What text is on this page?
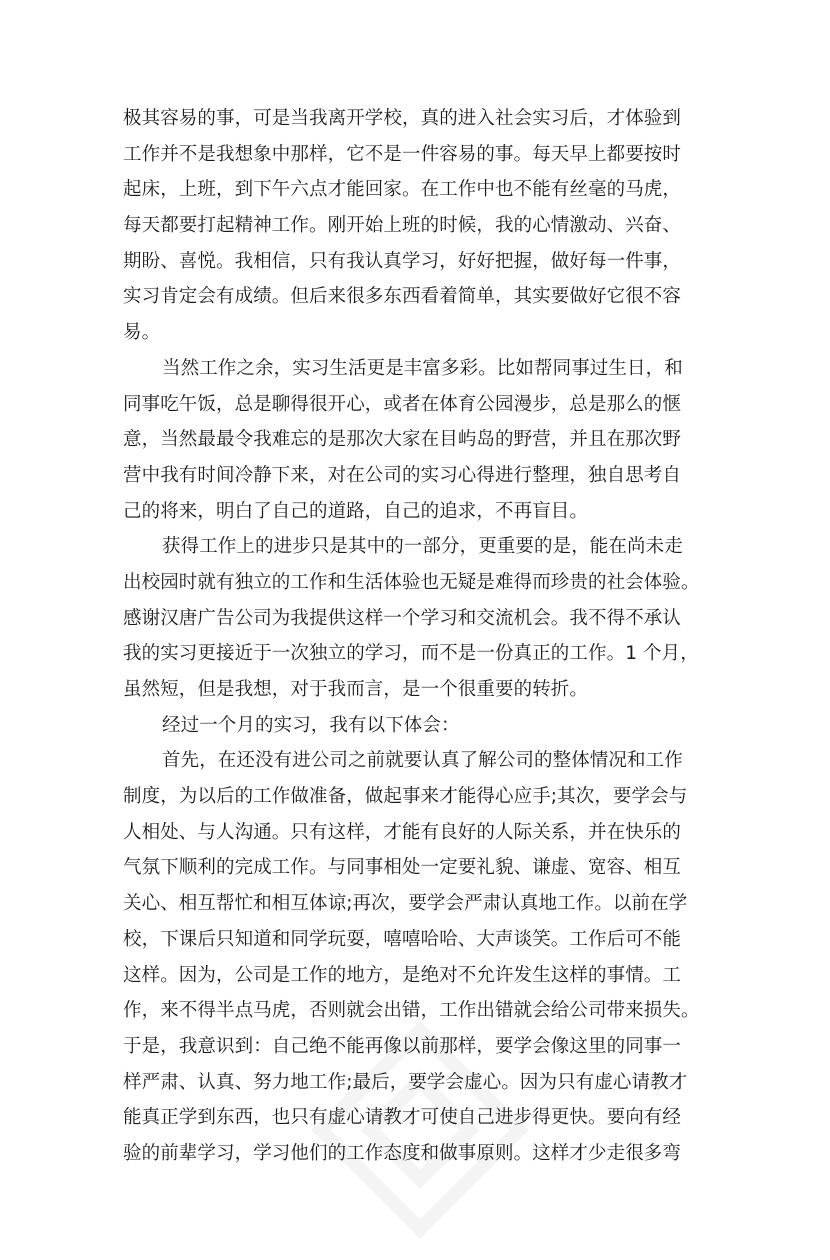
极其容易的事，可是当我离开学校，真的进入社会实习后，才体验到
工作并不是我想象中那样，它不是一件容易的事。每天早上都要按时
起床，上班，到下午六点才能回家。在工作中也不能有丝毫的马虎，
每天都要打起精神工作。刚开始上班的时候，我的心情激动、兴奋、
期盼、喜悦。我相信，只有我认真学习，好好把握，做好每一件事，
实习肯定会有成绩。但后来很多东西看着简单，其实要做好它很不容
易。
当然工作之余，实习生活更是丰富多彩。比如帮同事过生日，和
同事吃午饭，总是聊得很开心，或者在体育公园漫步，总是那么的惬
意，当然最最令我难忘的是那次大家在目屿岛的野营，并且在那次野
营中我有时间冷静下来，对在公司的实习心得进行整理，独自思考自
己的将来，明白了自己的道路，自己的追求，不再盲目。
获得工作上的进步只是其中的一部分，更重要的是，能在尚未走
出校园时就有独立的工作和生活体验也无疑是难得而珍贵的社会体验。
感谢汉唐广告公司为我提供这样一个学习和交流机会。我不得不承认
我的实习更接近于一次独立的学习，而不是一份真正的工作。1 个月，
虽然短，但是我想，对于我而言，是一个很重要的转折。
经过一个月的实习，我有以下体会：
首先，在还没有进公司之前就要认真了解公司的整体情况和工作
制度，为以后的工作做准备，做起事来才能得心应手;其次，要学会与
人相处、与人沟通。只有这样，才能有良好的人际关系，并在快乐的
气氛下顺利的完成工作。与同事相处一定要礼貌、谦虚、宽容、相互
关心、相互帮忙和相互体谅;再次，要学会严肃认真地工作。以前在学
校，下课后只知道和同学玩耍，嘻嘻哈哈、大声谈笑。工作后可不能
这样。因为，公司是工作的地方，是绝对不允许发生这样的事情。工
作，来不得半点马虎，否则就会出错，工作出错就会给公司带来损失。
于是，我意识到：自己绝不能再像以前那样，要学会像这里的同事一
样严肃、认真、努力地工作;最后，要学会虚心。因为只有虚心请教才
能真正学到东西，也只有虚心请教才可使自己进步得更快。要向有经
验的前辈学习，学习他们的工作态度和做事原则。这样才少走很多弯
